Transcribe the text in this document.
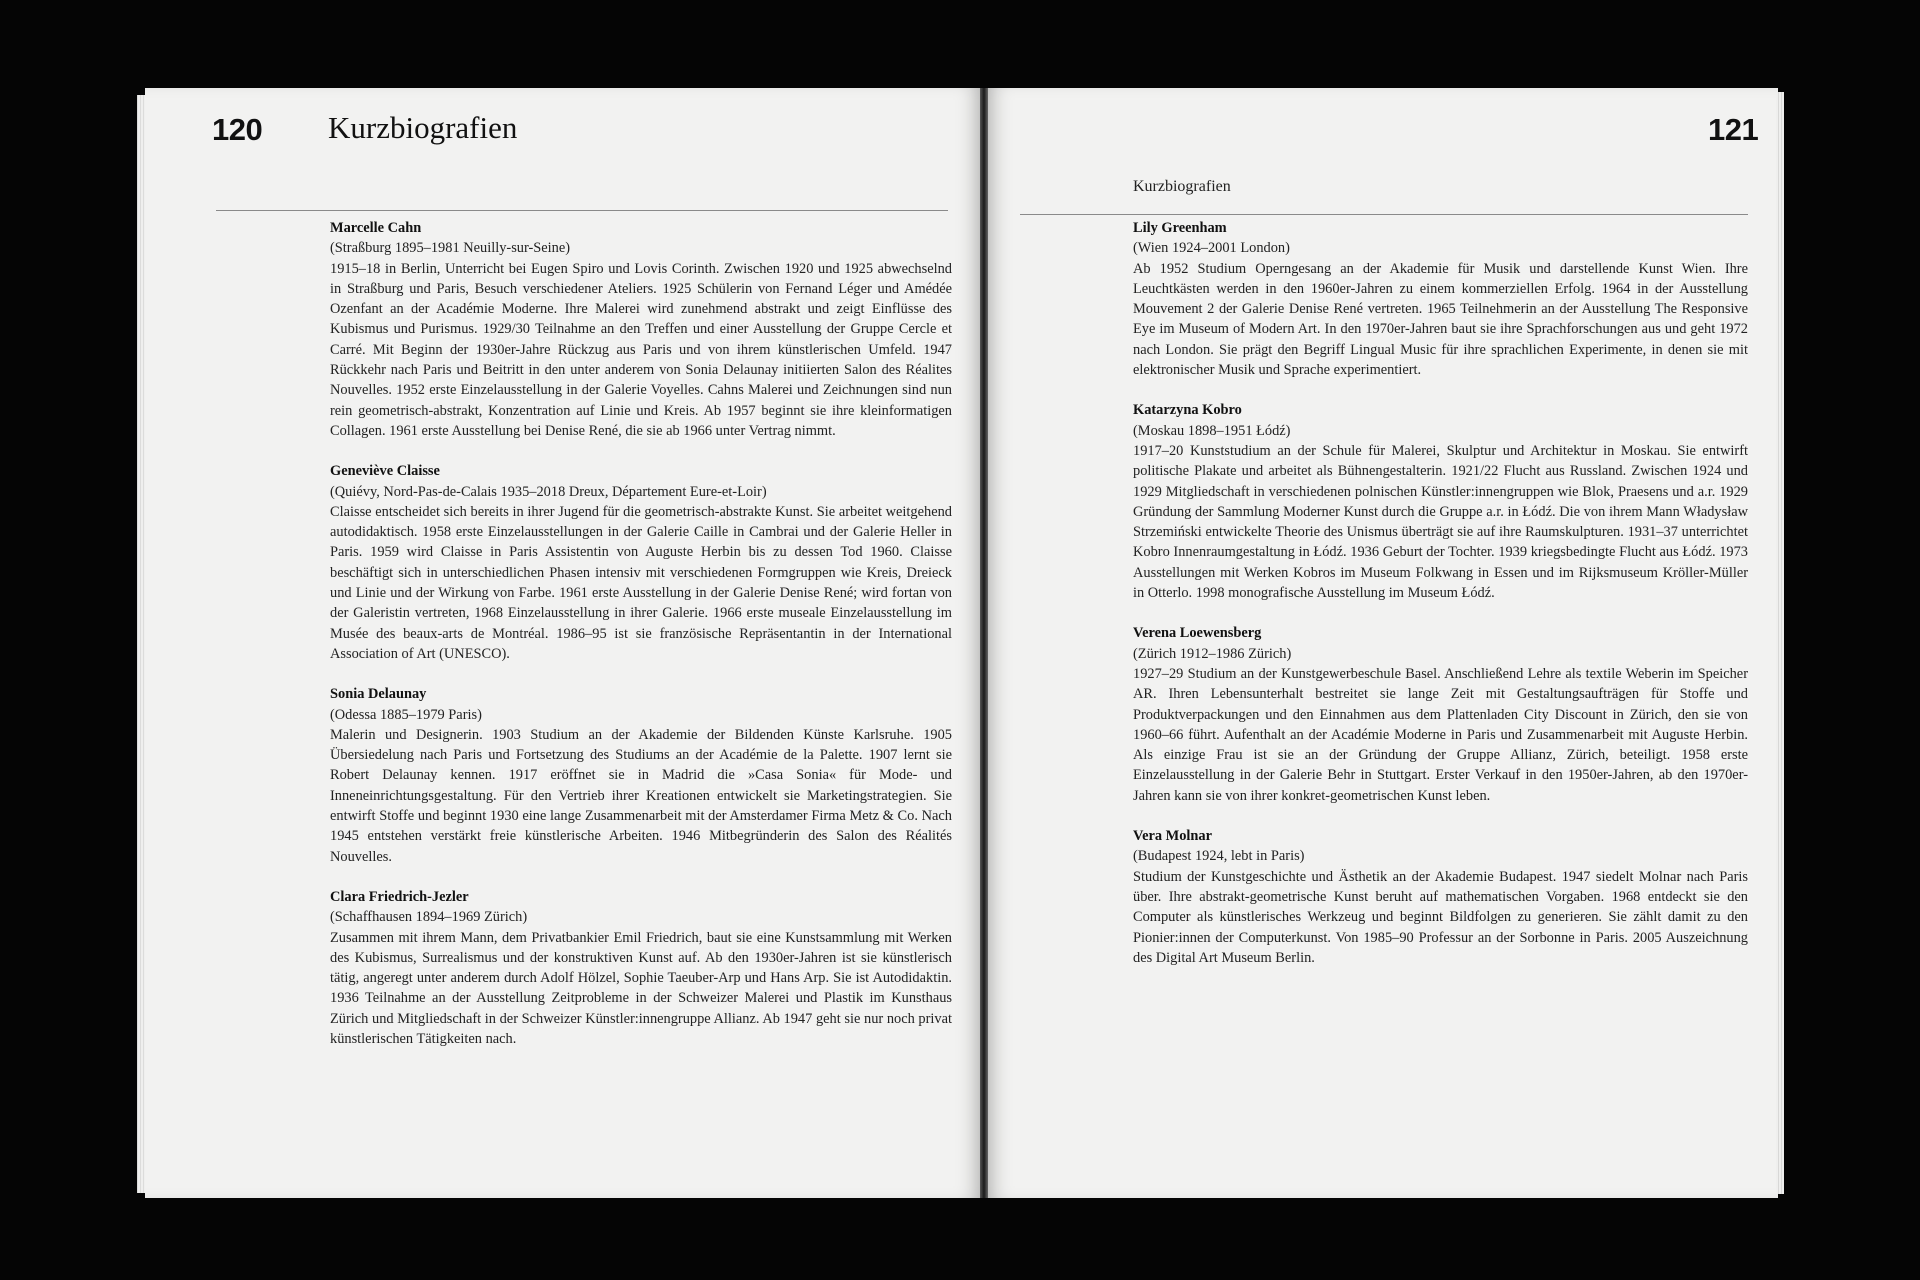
120 Kurzbiografien	121
Kurzbiografien
Marcelle Cahn
(Straßburg 1895–1981 Neuilly-sur-Seine)
1915–18 in Berlin, Unterricht bei Eugen Spiro und Lovis Corinth. Zwischen 1920 und 1925 abwechselnd in Straßburg und Paris, Besuch verschiedener Ateliers. 1925 Schülerin von Fernand Léger und Amédée Ozenfant an der Académie Moderne. Ihre Malerei wird zunehmend abstrakt und zeigt Einflüsse des Kubismus und Purismus. 1929/30 Teilnahme an den Treffen und einer Ausstellung der Gruppe Cercle et Carré. Mit Beginn der 1930er-Jahre Rückzug aus Paris und von ihrem künstlerischen Umfeld. 1947 Rückkehr nach Paris und Beitritt in den unter anderem von Sonia Delaunay initiierten Salon des Réalites Nouvelles. 1952 erste Einzelausstellung in der Galerie Voyelles. Cahns Malerei und Zeichnungen sind nun rein geometrisch-abstrakt, Konzentration auf Linie und Kreis. Ab 1957 beginnt sie ihre kleinformatigen Collagen. 1961 erste Ausstellung bei Denise René, die sie ab 1966 unter Vertrag nimmt.
Geneviève Claisse
(Quiévy, Nord-Pas-de-Calais 1935–2018 Dreux, Département Eure-et-Loir)
Claisse entscheidet sich bereits in ihrer Jugend für die geometrisch-abstrakte Kunst. Sie arbeitet weitgehend autodidaktisch. 1958 erste Einzelausstellungen in der Galerie Caille in Cambrai und der Galerie Heller in Paris. 1959 wird Claisse in Paris Assistentin von Auguste Herbin bis zu dessen Tod 1960. Claisse beschäftigt sich in unterschiedlichen Phasen intensiv mit verschiedenen Formgruppen wie Kreis, Dreieck und Linie und der Wirkung von Farbe. 1961 erste Ausstellung in der Galerie Denise René; wird fortan von der Galeristin vertreten, 1968 Einzelausstellung in ihrer Galerie. 1966 erste museale Einzelausstellung im Musée des beaux-arts de Montréal. 1986–95 ist sie französische Repräsentantin in der International Association of Art (UNESCO).
Sonia Delaunay
(Odessa 1885–1979 Paris)
Malerin und Designerin. 1903 Studium an der Akademie der Bildenden Künste Karlsruhe. 1905 Übersiedelung nach Paris und Fortsetzung des Studiums an der Académie de la Palette. 1907 lernt sie Robert Delaunay kennen. 1917 eröffnet sie in Madrid die »Casa Sonia« für Mode- und Inneneinrichtungsgestaltung. Für den Vertrieb ihrer Kreationen entwickelt sie Marketingstrategien. Sie entwirft Stoffe und beginnt 1930 eine lange Zusammenarbeit mit der Amsterdamer Firma Metz & Co. Nach 1945 entstehen verstärkt freie künstlerische Arbeiten. 1946 Mitbegründerin des Salon des Réalités Nouvelles.
Clara Friedrich-Jezler
(Schaffhausen 1894–1969 Zürich)
Zusammen mit ihrem Mann, dem Privatbankier Emil Friedrich, baut sie eine Kunstsammlung mit Werken des Kubismus, Surrealismus und der konstruktiven Kunst auf. Ab den 1930er-Jahren ist sie künstlerisch tätig, angeregt unter anderem durch Adolf Hölzel, Sophie Taeuber-Arp und Hans Arp. Sie ist Autodidaktin. 1936 Teilnahme an der Ausstellung Zeitprobleme in der Schweizer Malerei und Plastik im Kunsthaus Zürich und Mitgliedschaft in der Schweizer Künstler:innengruppe Allianz. Ab 1947 geht sie nur noch privat künstlerischen Tätigkeiten nach.
Lily Greenham
(Wien 1924–2001 London)
Ab 1952 Studium Operngesang an der Akademie für Musik und darstellende Kunst Wien. Ihre Leuchtkästen werden in den 1960er-Jahren zu einem kommerziellen Erfolg. 1964 in der Ausstellung Mouvement 2 der Galerie Denise René vertreten. 1965 Teilnehmerin an der Ausstellung The Responsive Eye im Museum of Modern Art. In den 1970er-Jahren baut sie ihre Sprachforschungen aus und geht 1972 nach London. Sie prägt den Begriff Lingual Music für ihre sprachlichen Experimente, in denen sie mit elektronischer Musik und Sprache experimentiert.
Katarzyna Kobro
(Moskau 1898–1951 Łódź)
1917–20 Kunststudium an der Schule für Malerei, Skulptur und Architektur in Moskau. Sie entwirft politische Plakate und arbeitet als Bühnengestalterin. 1921/22 Flucht aus Russland. Zwischen 1924 und 1929 Mitgliedschaft in verschiedenen polnischen Künstler:innengruppen wie Blok, Praesens und a.r. 1929 Gründung der Sammlung Moderner Kunst durch die Gruppe a.r. in Łódź. Die von ihrem Mann Władysław Strzemiński entwickelte Theorie des Unismus überträgt sie auf ihre Raumskulpturen. 1931–37 unterrichtet Kobro Innenraumgestaltung in Łódź. 1936 Geburt der Tochter. 1939 kriegsbedingte Flucht aus Łódź. 1973 Ausstellungen mit Werken Kobros im Museum Folkwang in Essen und im Rijksmuseum Kröller-Müller in Otterlo. 1998 monografische Ausstellung im Museum Łódź.
Verena Loewensberg
(Zürich 1912–1986 Zürich)
1927–29 Studium an der Kunstgewerbeschule Basel. Anschließend Lehre als textile Weberin im Speicher AR. Ihren Lebensunterhalt bestreitet sie lange Zeit mit Gestaltungsaufträgen für Stoffe und Produktverpackungen und den Einnahmen aus dem Plattenladen City Discount in Zürich, den sie von 1960–66 führt. Aufenthalt an der Académie Moderne in Paris und Zusammenarbeit mit Auguste Herbin. Als einzige Frau ist sie an der Gründung der Gruppe Allianz, Zürich, beteiligt. 1958 erste Einzelausstellung in der Galerie Behr in Stuttgart. Erster Verkauf in den 1950er-Jahren, ab den 1970er-Jahren kann sie von ihrer konkret-geometrischen Kunst leben.
Vera Molnar
(Budapest 1924, lebt in Paris)
Studium der Kunstgeschichte und Ästhetik an der Akademie Budapest. 1947 siedelt Molnar nach Paris über. Ihre abstrakt-geometrische Kunst beruht auf mathematischen Vorgaben. 1968 entdeckt sie den Computer als künstlerisches Werkzeug und beginnt Bildfolgen zu generieren. Sie zählt damit zu den Pionier:innen der Computerkunst. Von 1985–90 Professur an der Sorbonne in Paris. 2005 Auszeichnung des Digital Art Museum Berlin.
